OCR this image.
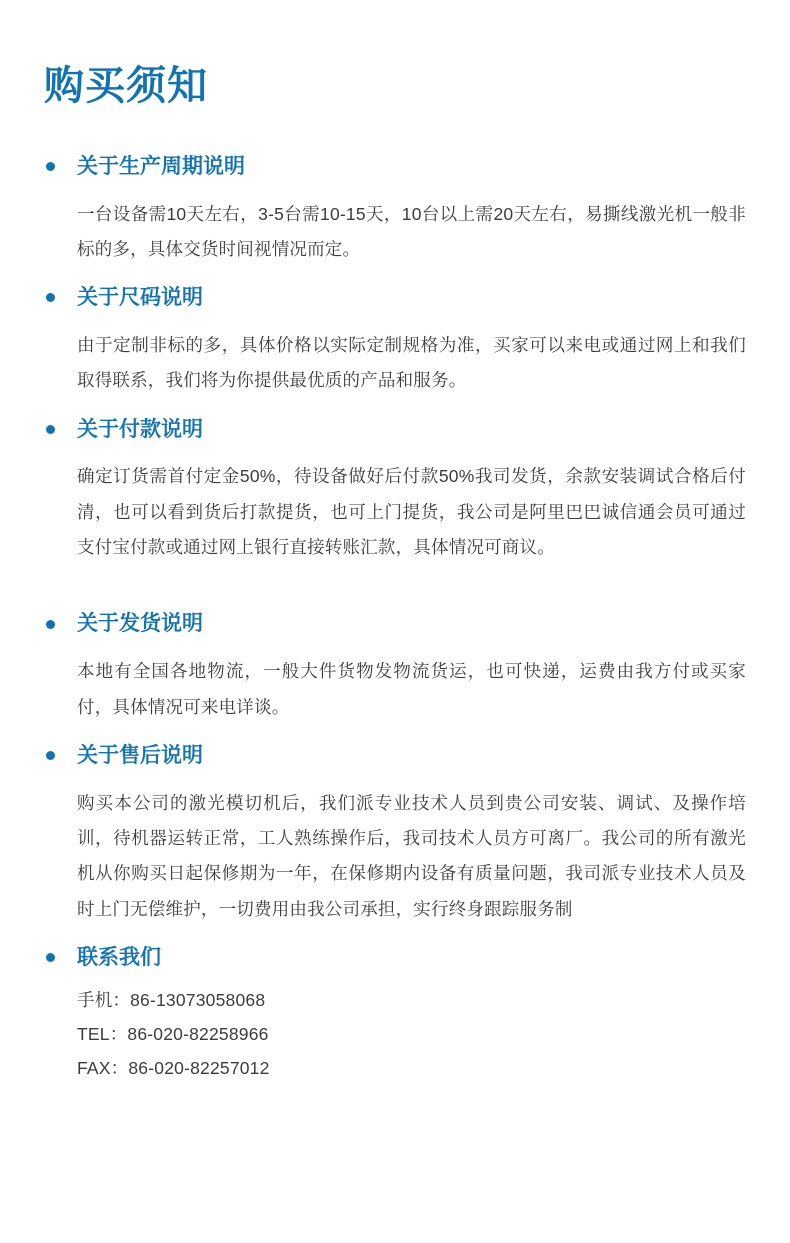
购买须知
关于生产周期说明

一台设备需10天左右，3-5台需10-15天，10台以上需20天左右，易撕线激光机一般非标的多，具体交货时间视情况而定。

关于尺码说明

由于定制非标的多，具体价格以实际定制规格为准，买家可以来电或通过网上和我们取得联系，我们将为你提供最优质的产品和服务。

关于付款说明

确定订货需首付定金50%，待设备做好后付款50%我司发货，余款安装调试合格后付清，也可以看到货后打款提货，也可上门提货，我公司是阿里巴巴诚信通会员可通过支付宝付款或通过网上银行直接转账汇款，具体情况可商议。

关于发货说明

本地有全国各地物流，一般大件货物发物流货运，也可快递，运费由我方付或买家付，具体情况可来电详谈。

关于售后说明

购买本公司的激光模切机后，我们派专业技术人员到贵公司安装、调试、及操作培训，待机器运转正常，工人熟练操作后，我司技术人员方可离厂。我公司的所有激光机从你购买日起保修期为一年，在保修期内设备有质量问题，我司派专业技术人员及时上门无偿维护，一切费用由我公司承担，实行终身跟踪服务制

联系我们
手机：86-13073058068
TEL：86-020-82258966
FAX：86-020-82257012
